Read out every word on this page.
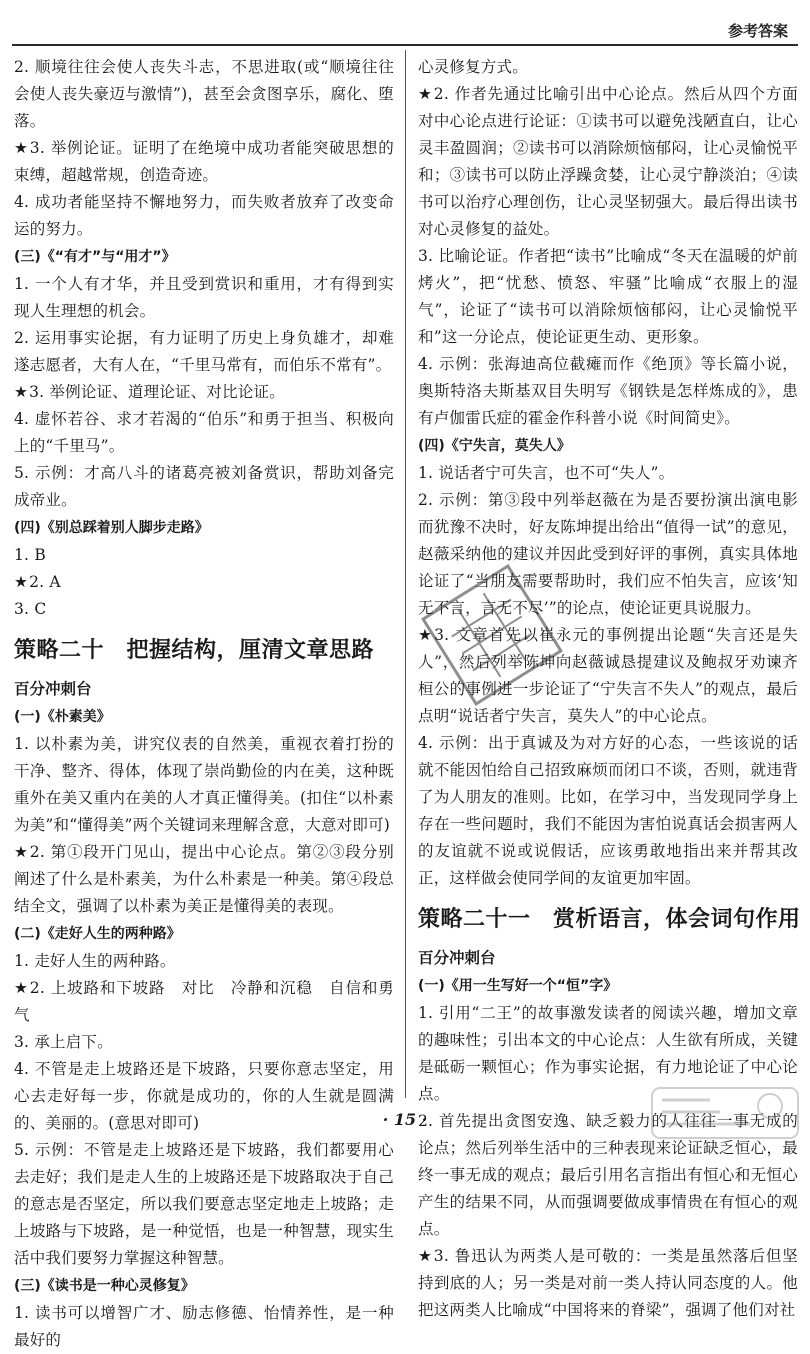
参考答案

2. 顺境往往会使人丧失斗志，不思进取(或“顺境往往会使人丧失豪迈与激情”)，甚至会贪图享乐，腐化、堕落。

★ 3. 举例论证。证明了在绝境中成功者能突破思想的束缚，超越常规，创造奇迹。

4. 成功者能坚持不懈地努力，而失败者放弃了改变命运的努力。

(三)《“有才”与“用才”》

1. 一个人有才华，并且受到赏识和重用，才有得到实现人生理想的机会。

2. 运用事实论据，有力证明了历史上身负雄才，却难遂志愿者，大有人在，“千里马常有，而伯乐不常有”。

★ 3. 举例论证、道理论证、对比论证。

4. 虚怀若谷、求才若渴的“伯乐”和勇于担当、积极向上的“千里马”。

5. 示例：才高八斗的诸葛亮被刘备赏识，帮助刘备完成帝业。

(四)《别总踩着别人脚步走路》

1. B

★ 2. A

3. C

策略二十　把握结构，厘清文章思路
百分冲刺台
(一)《朴素美》

1. 以朴素为美，讲究仪表的自然美，重视衣着打扮的干净、整齐、得体，体现了崇尚勤俭的内在美，这种既重外在美又重内在美的人才真正懂得美。(扣住“以朴素为美”和“懂得美”两个关键词来理解含意，大意对即可)

★ 2. 第①段开门见山，提出中心论点。第②③段分别阐述了什么是朴素美，为什么朴素是一种美。第④段总结全文，强调了以朴素为美正是懂得美的表现。

(二)《走好人生的两种路》

1. 走好人生的两种路。

★ 2. 上坡路和下坡路　对比　冷静和沉稳　自信和勇气

3. 承上启下。

4. 不管是走上坡路还是下坡路，只要你意志坚定，用心去走好每一步，你就是成功的，你的人生就是圆满的、美丽的。(意思对即可)

5. 示例：不管是走上坡路还是下坡路，我们都要用心去走好；我们是走人生的上坡路还是下坡路取决于自己的意志是否坚定，所以我们要意志坚定地走上坡路；走上坡路与下坡路，是一种觉悟，也是一种智慧，现实生活中我们要努力掌握这种智慧。

(三)《读书是一种心灵修复》

1. 读书可以增智广才、励志修德、怡情养性，是一种最好的

心灵修复方式。

★ 2. 作者先通过比喻引出中心论点。然后从四个方面对中心论点进行论证：①读书可以避免浅陋直白，让心灵丰盈圆润；②读书可以消除烦恼郁闷，让心灵愉悦平和；③读书可以防止浮躁贪婪，让心灵宁静淡泊；④读书可以治疗心理创伤，让心灵坚韧强大。最后得出读书对心灵修复的益处。

3. 比喻论证。作者把“读书”比喻成“冬天在温暖的炉前烤火”，把“忧愁、愤怒、牢骚”比喻成“衣服上的湿气”，论证了“读书可以消除烦恼郁闷，让心灵愉悦平和”这一分论点，使论证更生动、更形象。

4. 示例：张海迪高位截瘫而作《绝顶》等长篇小说，奥斯特洛夫斯基双目失明写《钢铁是怎样炼成的》，患有卢伽雷氏症的霍金作科普小说《时间简史》。

(四)《宁失言，莫失人》

1. 说话者宁可失言，也不可“失人”。

2. 示例：第③段中列举赵薇在为是否要扮演出演电影而犹豫不决时，好友陈坤提出给出“值得一试”的意见，赵薇采纳他的建议并因此受到好评的事例，真实具体地论证了“当朋友需要帮助时，我们应不怕失言，应该‘知无不言，言无不尽’”的论点，使论证更具说服力。

★ 3. 文章首先以崔永元的事例提出论题“失言还是失人”，然后列举陈坤向赵薇诚恳提建议及鲍叔牙劝谏齐桓公的事例进一步论证了“宁失言不失人”的观点，最后点明“说话者宁失言，莫失人”的中心论点。

4. 示例：出于真诚及为对方好的心态，一些该说的话就不能因怕给自己招致麻烦而闭口不谈，否则，就违背了为人朋友的准则。比如，在学习中，当发现同学身上存在一些问题时，我们不能因为害怕说真话会损害两人的友谊就不说或说假话，应该勇敢地指出来并帮其改正，这样做会使同学间的友谊更加牢固。

策略二十一　赏析语言，体会词句作用
百分冲刺台
(一)《用一生写好一个“恒”字》

1. 引用“二王”的故事激发读者的阅读兴趣，增加文章的趣味性；引出本文的中心论点：人生欲有所成，关键是砥砺一颗恒心；作为事实论据，有力地论证了中心论点。

2. 首先提出贪图安逸、缺乏毅力的人往往一事无成的论点；然后列举生活中的三种表现来论证缺乏恒心，最终一事无成的观点；最后引用名言指出有恒心和无恒心产生的结果不同，从而强调要做成事情贵在有恒心的观点。

★ 3. 鲁迅认为两类人是可敬的：一类是虽然落后但坚持到底的人；另一类是对前一类人持认同态度的人。他把这两类人比喻成“中国将来的脊梁”，强调了他们对社

· 15 ·
